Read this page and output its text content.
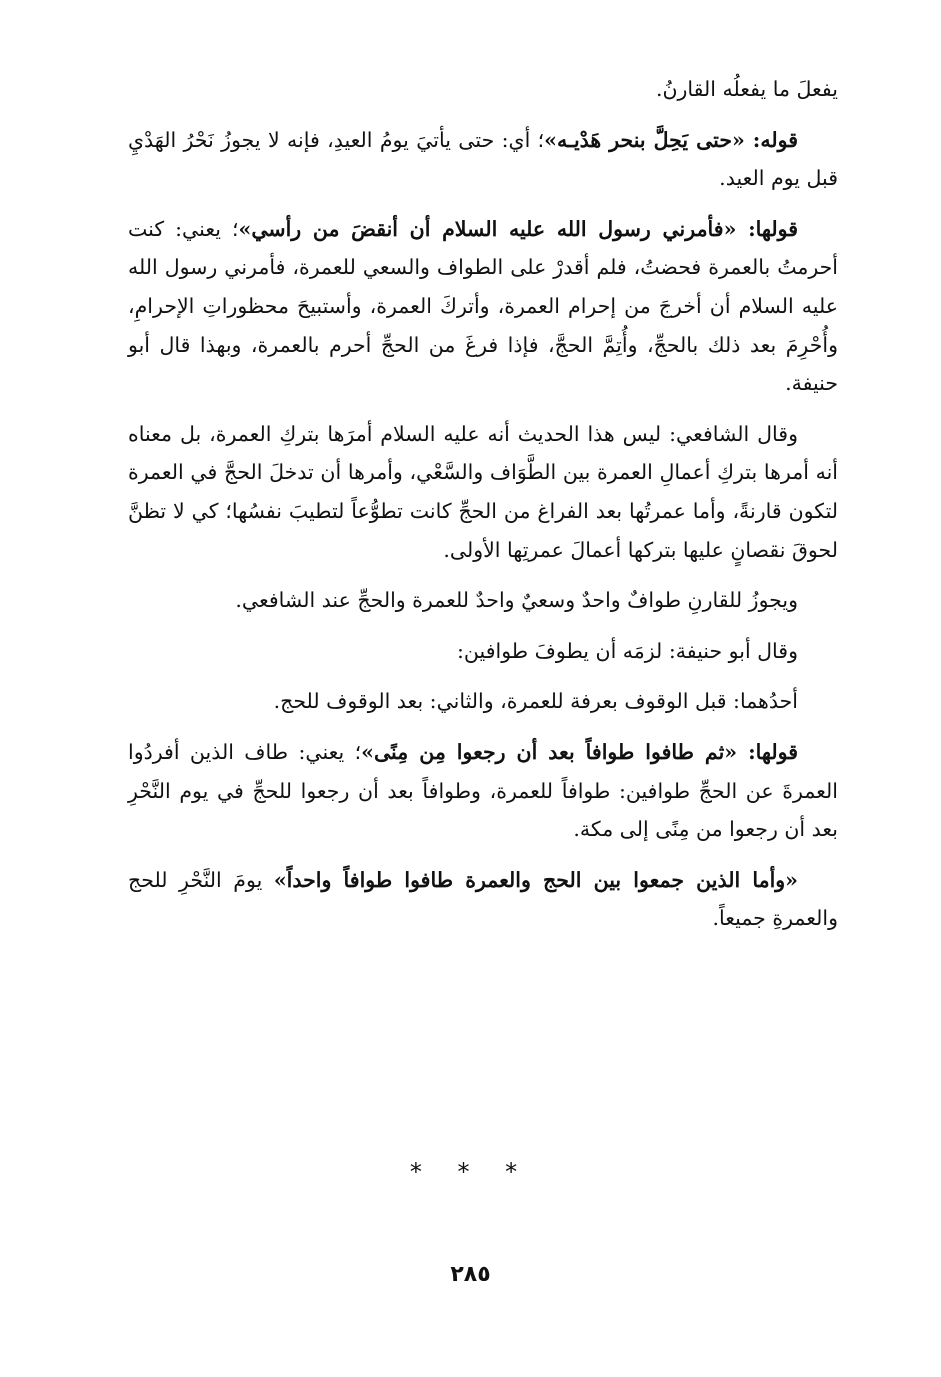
يفعلَ ما يفعلُه القارنُ.

قوله: «حتى يَحِلَّ بنحر هَدْيـه»؛ أي: حتى يأتيَ يومُ العيدِ، فإنه لا يجوزُ نَحْرُ الهَدْيِ قبل يوم العيد.

قولها: «فأمرني رسول الله عليه السلام أن أنقضَ من رأسي»؛ يعني: كنت أحرمتُ بالعمرة فحضتُ، فلم أقدرْ على الطواف والسعي للعمرة، فأمرني رسول الله عليه السلام أن أخرجَ من إحرام العمرة، وأتركَ العمرة، وأستبيحَ محظوراتِ الإحرامِ، وأُحْرِمَ بعد ذلك بالحجِّ، وأُتِمَّ الحجَّ، فإذا فرغَ من الحجِّ أحرم بالعمرة، وبهذا قال أبو حنيفة.

وقال الشافعي: ليس هذا الحديث أنه عليه السلام أمرَها بتركِ العمرة، بل معناه أنه أمرها بتركِ أعمالِ العمرة بين الطَّوَاف والسَّعْي، وأمرها أن تدخلَ الحجَّ في العمرة لتكون قارنةً، وأما عمرتُها بعد الفراغ من الحجِّ كانت تطوُّعاً لتطيبَ نفسُها؛ كي لا تظنَّ لحوقَ نقصانٍ عليها بتركها أعمالَ عمرتِها الأولى.

ويجوزُ للقارنِ طوافٌ واحدٌ وسعيٌ واحدٌ للعمرة والحجِّ عند الشافعي.

وقال أبو حنيفة: لزمَه أن يطوفَ طوافين:

أحدُهما: قبل الوقوف بعرفة للعمرة، والثاني: بعد الوقوف للحج.

قولها: «ثم طافوا طوافاً بعد أن رجعوا مِن مِنًى»؛ يعني: طاف الذين أفردُوا العمرةَ عن الحجِّ طوافين: طوافاً للعمرة، وطوافاً بعد أن رجعوا للحجِّ في يوم النَّحْرِ بعد أن رجعوا من مِنًى إلى مكة.

«وأما الذين جمعوا بين الحج والعمرة طافوا طوافاً واحداً» يومَ النَّحْرِ للحج والعمرةِ جميعاً.

* * *
٢٨٥
